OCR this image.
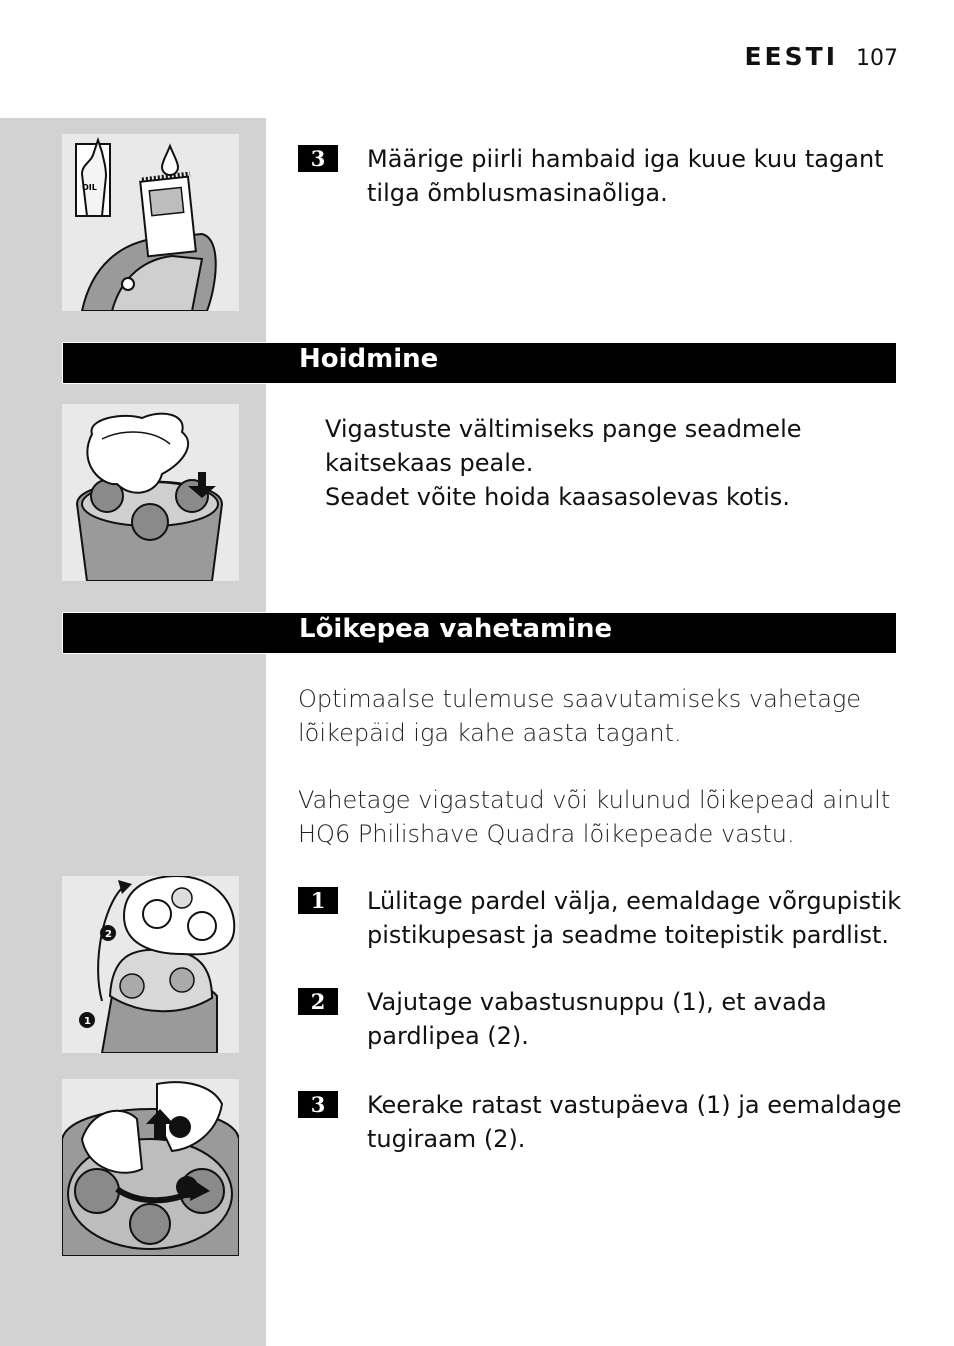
EESTI 107
OIL
3	Määrige piirli hambaid iga kuue kuu tagant tilga õmblusmasinaõliga.
Hoidmine
Vigastuste vältimiseks pange seadmele
kaitsekaas peale.
Seadet võite hoida kaasasolevas kotis.
Lõikepea vahetamine
Optimaalse tulemuse saavutamiseks vahetage lõikepäid iga kahe aasta tagant.
Vahetage vigastatud või kulunud lõikepead ainult HQ6 Philishave Quadra lõikepeade vastu.
2
1
1	Lülitage pardel välja, eemaldage võrgupistik pistikupesast ja seadme toitepistik pardlist.
2	Vajutage vabastusnuppu (1), et avada pardlipea (2).
3	Keerake ratast vastupäeva (1) ja eemaldage tugiraam (2).
